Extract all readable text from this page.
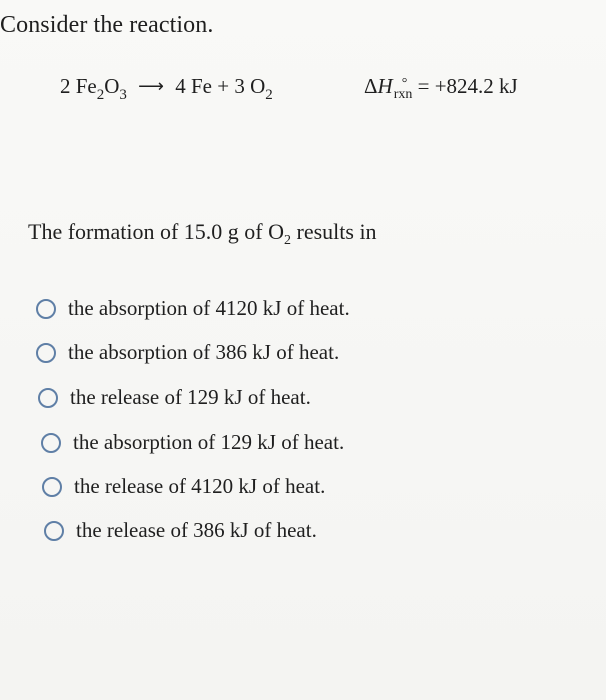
Consider the reaction.
2 $Fe_2O_3$ ⟶ 4 Fe + 3 $O_2$	ΔH °
rxn = +824.2 kJ
The formation of 15.0 g of $O_2$ results in
the absorption of 4120 kJ of heat.
the absorption of 386 kJ of heat.
the release of 129 kJ of heat.
the absorption of 129 kJ of heat.
the release of 4120 kJ of heat.
the release of 386 kJ of heat.
